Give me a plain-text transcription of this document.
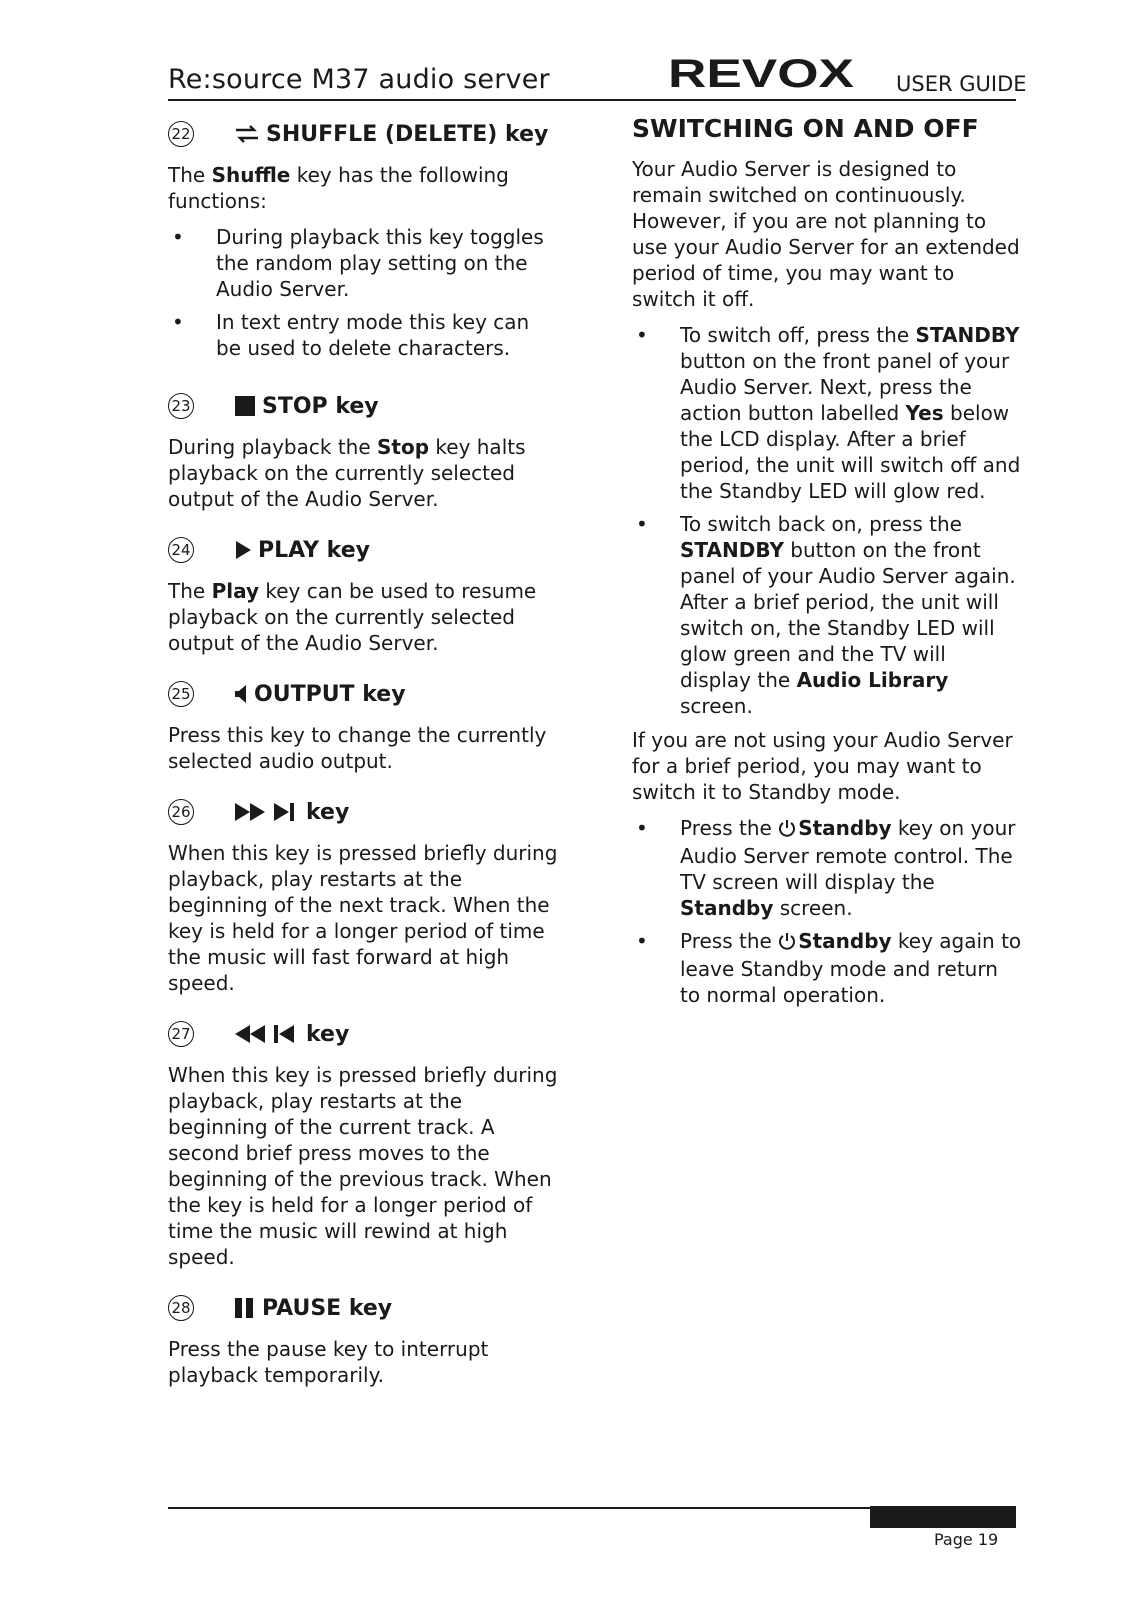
Re:source M37 audio server	REVOX USER GUIDE
22	SHUFFLE (DELETE) key

The Shuffle key has the following functions:

• During playback this key toggles the random play setting on the Audio Server.
• In text entry mode this key can be used to delete characters.
23	STOP key

During playback the Stop key halts playback on the currently selected output of the Audio Server.

24	PLAY key

The Play key can be used to resume playback on the currently selected output of the Audio Server.

25	OUTPUT key

Press this key to change the currently selected audio output.

26	key

When this key is pressed briefly during playback, play restarts at the beginning of the next track. When the key is held for a longer period of time the music will fast forward at high speed.

27	key

When this key is pressed briefly during playback, play restarts at the beginning of the current track. A second brief press moves to the beginning of the previous track. When the key is held for a longer period of time the music will rewind at high speed.

28	PAUSE key

Press the pause key to interrupt playback temporarily.

SWITCHING ON AND OFF

Your Audio Server is designed to remain switched on continuously. However, if you are not planning to use your Audio Server for an extended period of time, you may want to switch it off.

• To switch off, press the STANDBY button on the front panel of your Audio Server. Next, press the action button labelled Yes below the LCD display. After a brief period, the unit will switch off and the Standby LED will glow red.
• To switch back on, press the STANDBY button on the front panel of your Audio Server again. After a brief period, the unit will switch on, the Standby LED will glow green and the TV will display the Audio Library screen.

If you are not using your Audio Server for a brief period, you may want to switch it to Standby mode.

• Press the Standby key on your Audio Server remote control. The TV screen will display the Standby screen.
• Press the Standby key again to leave Standby mode and return to normal operation.
Page 19
